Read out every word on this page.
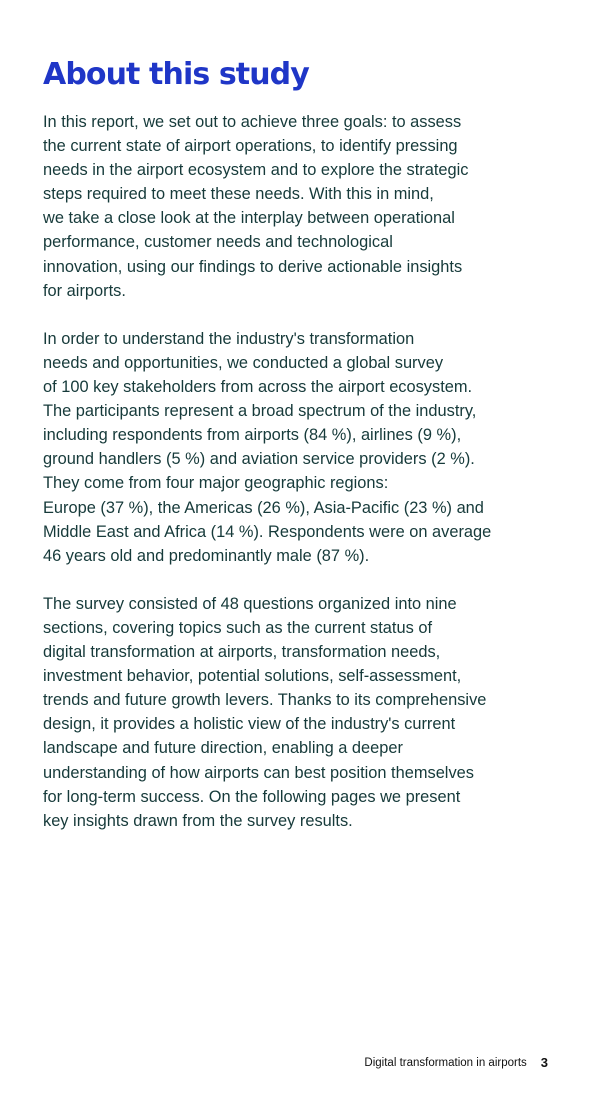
About this study

In this report, we set out to achieve three goals: to assess
the current state of airport operations, to identify pressing
needs in the airport ecosystem and to explore the strategic
steps required to meet these needs. With this in mind,
we take a close look at the interplay between operational
performance, customer needs and technological
innovation, using our findings to derive actionable insights
for airports.

In order to understand the industry's transformation
needs and opportunities, we conducted a global survey
of 100 key stakeholders from across the airport ecosystem.
The participants represent a broad spectrum of the industry,
including respondents from airports (84 %), airlines (9 %),
ground handlers (5 %) and aviation service providers (2 %).
They come from four major geographic regions:
Europe (37 %), the Americas (26 %), Asia-Pacific (23 %) and
Middle East and Africa (14 %). Respondents were on average
46 years old and predominantly male (87 %).

The survey consisted of 48 questions organized into nine
sections, covering topics such as the current status of
digital transformation at airports, transformation needs,
investment behavior, potential solutions, self-assessment,
trends and future growth levers. Thanks to its comprehensive
design, it provides a holistic view of the industry's current
landscape and future direction, enabling a deeper
understanding of how airports can best position themselves
for long-term success. On the following pages we present
key insights drawn from the survey results.

Digital transformation in airports 3
